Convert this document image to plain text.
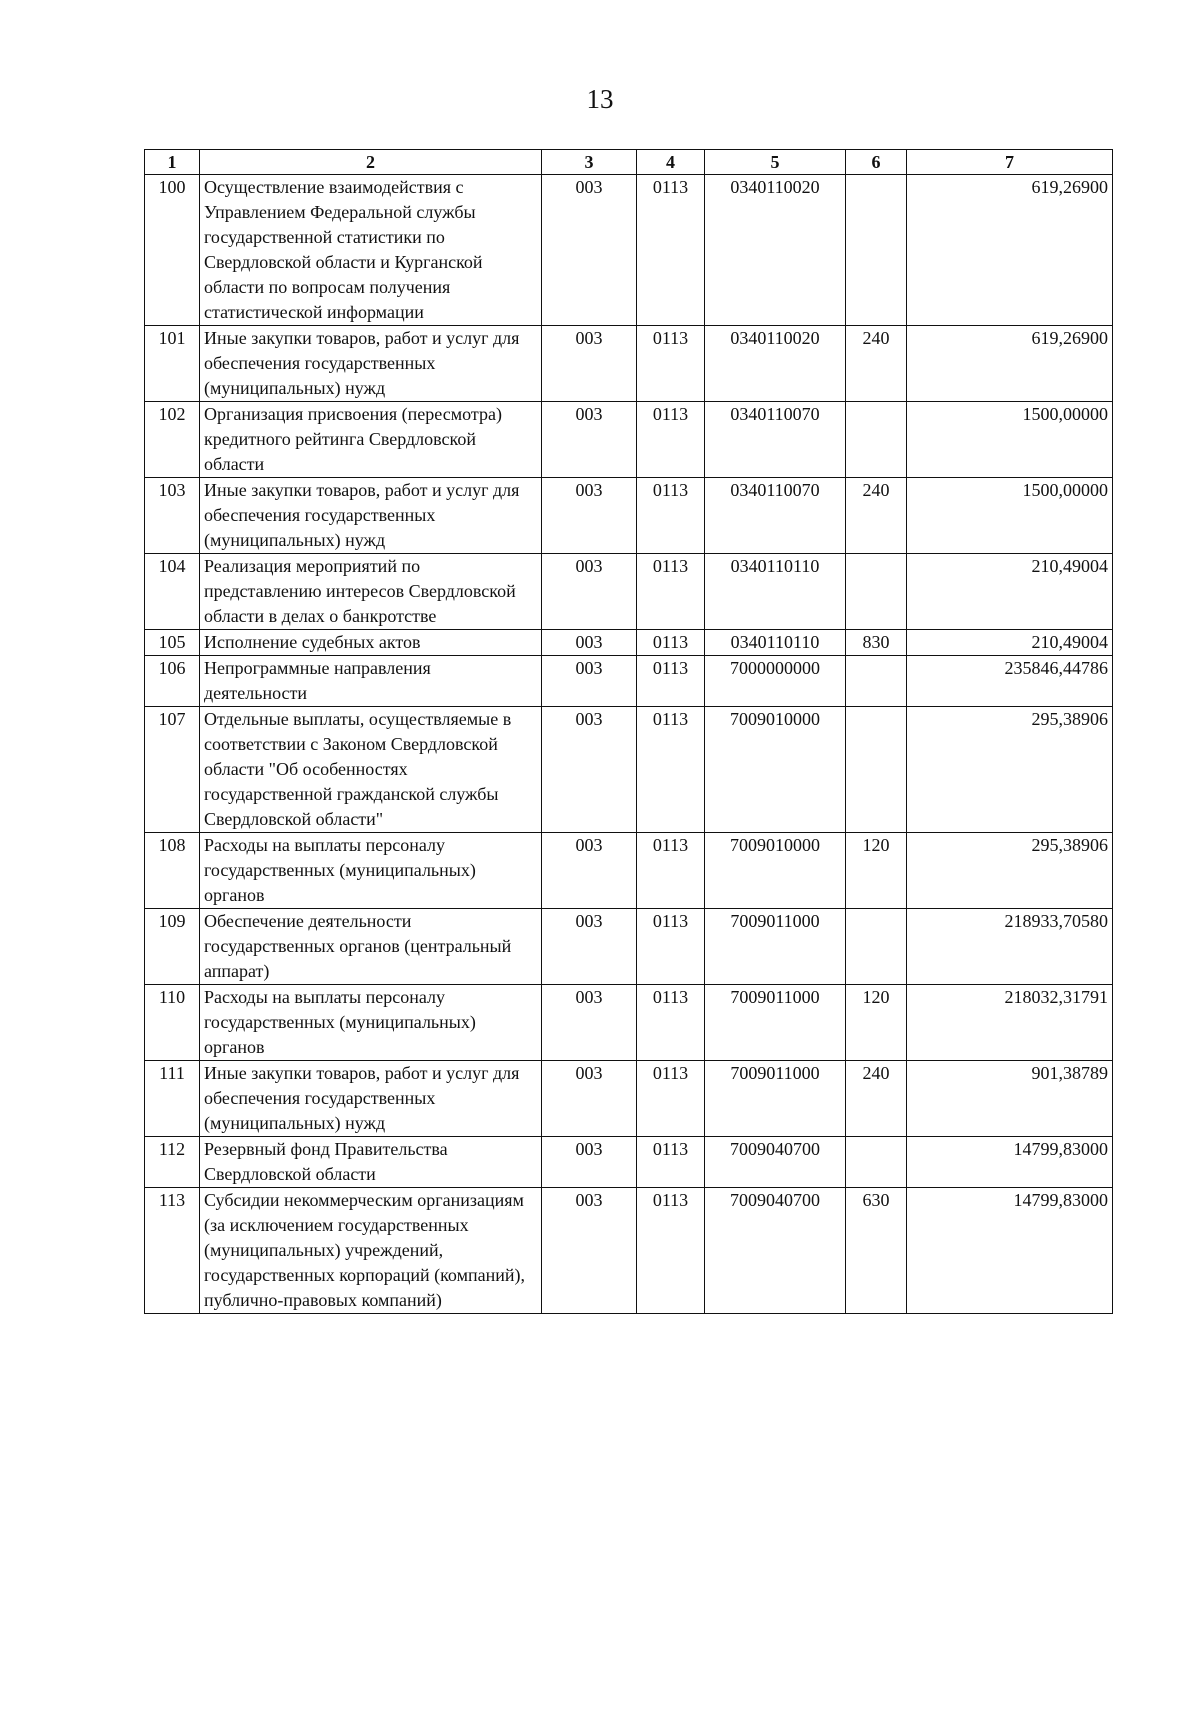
13
1	2	3	4	5	6	7
100	Осуществление взаимодействия с Управлением Федеральной службы государственной статистики по Свердловской области и Курганской области по вопросам получения статистической информации	003	0113	0340110020		619,26900
101	Иные закупки товаров, работ и услуг для обеспечения государственных (муниципальных) нужд	003	0113	0340110020	240	619,26900
102	Организация присвоения (пересмотра) кредитного рейтинга Свердловской области	003	0113	0340110070		1500,00000
103	Иные закупки товаров, работ и услуг для обеспечения государственных (муниципальных) нужд	003	0113	0340110070	240	1500,00000
104	Реализация мероприятий по представлению интересов Свердловской области в делах о банкротстве	003	0113	0340110110		210,49004
105	Исполнение судебных актов	003	0113	0340110110	830	210,49004
106	Непрограммные направления деятельности	003	0113	7000000000		235846,44786
107	Отдельные выплаты, осуществляемые в соответствии с Законом Свердловской области "Об особенностях государственной гражданской службы Свердловской области"	003	0113	7009010000		295,38906
108	Расходы на выплаты персоналу государственных (муниципальных) органов	003	0113	7009010000	120	295,38906
109	Обеспечение деятельности государственных органов (центральный аппарат)	003	0113	7009011000		218933,70580
110	Расходы на выплаты персоналу государственных (муниципальных) органов	003	0113	7009011000	120	218032,31791
111	Иные закупки товаров, работ и услуг для обеспечения государственных (муниципальных) нужд	003	0113	7009011000	240	901,38789
112	Резервный фонд Правительства Свердловской области	003	0113	7009040700		14799,83000
113	Субсидии некоммерческим организациям (за исключением государственных (муниципальных) учреждений, государственных корпораций (компаний), публично-правовых компаний)	003	0113	7009040700	630	14799,83000
